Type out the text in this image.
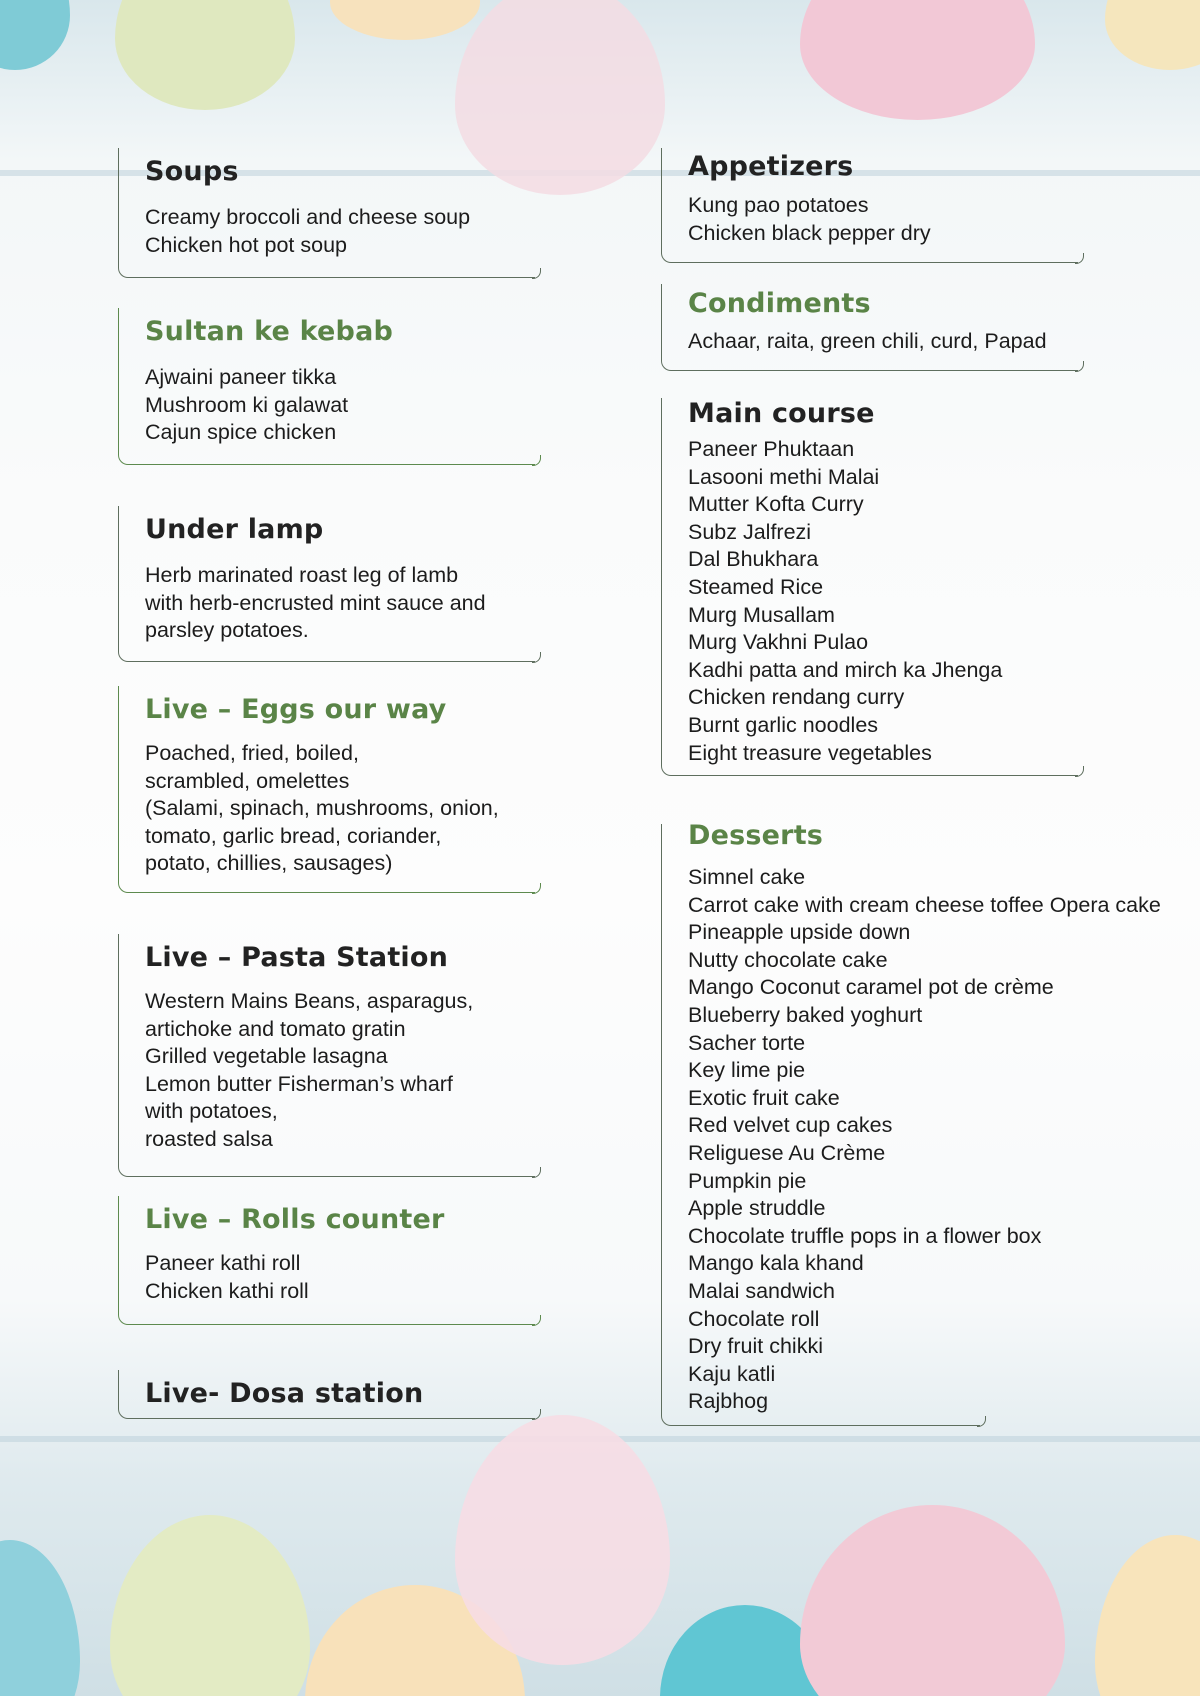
Soups
Creamy broccoli and cheese soup
Chicken hot pot soup
Sultan ke kebab
Ajwaini paneer tikka
Mushroom ki galawat
Cajun spice chicken
Under lamp
Herb marinated roast leg of lamb
with herb-encrusted mint sauce and
parsley potatoes.
Live – Eggs our way
Poached, fried, boiled,
scrambled, omelettes
(Salami, spinach, mushrooms, onion,
tomato, garlic bread, coriander,
potato, chillies, sausages)
Live – Pasta Station
Western Mains Beans, asparagus,
artichoke and tomato gratin
Grilled vegetable lasagna
Lemon butter Fisherman’s wharf
with potatoes,
roasted salsa
Live – Rolls counter
Paneer kathi roll
Chicken kathi roll
Live- Dosa station
Appetizers
Kung pao potatoes
Chicken black pepper dry
Condiments
Achaar, raita, green chili, curd, Papad
Main course
Paneer Phuktaan
Lasooni methi Malai
Mutter Kofta Curry
Subz Jalfrezi
Dal Bhukhara
Steamed Rice
Murg Musallam
Murg Vakhni Pulao
Kadhi patta and mirch ka Jhenga
Chicken rendang curry
Burnt garlic noodles
Eight treasure vegetables
Desserts
Simnel cake
Carrot cake with cream cheese toffee Opera cake
Pineapple upside down
Nutty chocolate cake
Mango Coconut caramel pot de crème
Blueberry baked yoghurt
Sacher torte
Key lime pie
Exotic fruit cake
Red velvet cup cakes
Religuese Au Crème
Pumpkin pie
Apple struddle
Chocolate truffle pops in a flower box
Mango kala khand
Malai sandwich
Chocolate roll
Dry fruit chikki
Kaju katli
Rajbhog
